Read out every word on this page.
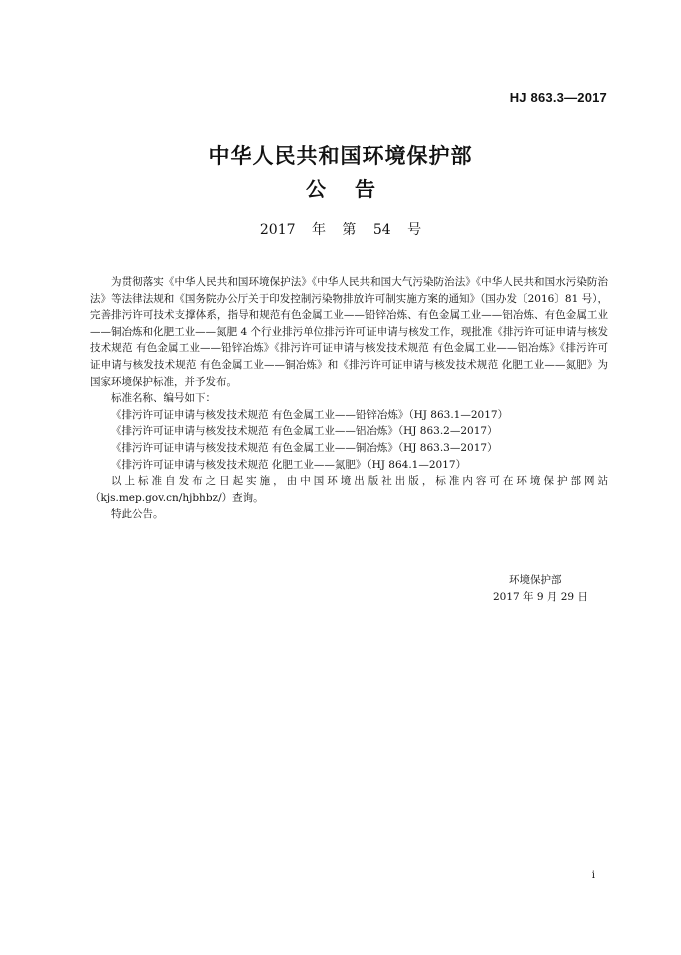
HJ 863.3—2017
中华人民共和国环境保护部
公 告
2017 年 第 54 号

为贯彻落实《中华人民共和国环境保护法》《中华人民共和国大气污染防治法》《中华人民共和国水污染防治法》等法律法规和《国务院办公厅关于印发控制污染物排放许可制实施方案的通知》（国办发〔2016〕81 号），完善排污许可技术支撑体系，指导和规范有色金属工业——铅锌冶炼、有色金属工业——铝冶炼、有色金属工业——铜冶炼和化肥工业——氮肥 4 个行业排污单位排污许可证申请与核发工作，现批准《排污许可证申请与核发技术规范 有色金属工业——铅锌冶炼》《排污许可证申请与核发技术规范 有色金属工业——铝冶炼》《排污许可证申请与核发技术规范 有色金属工业——铜冶炼》和《排污许可证申请与核发技术规范 化肥工业——氮肥》为国家环境保护标准，并予发布。

标准名称、编号如下：

《排污许可证申请与核发技术规范 有色金属工业——铅锌冶炼》（HJ 863.1—2017）

《排污许可证申请与核发技术规范 有色金属工业——铝冶炼》（HJ 863.2—2017）

《排污许可证申请与核发技术规范 有色金属工业——铜冶炼》（HJ 863.3—2017）

《排污许可证申请与核发技术规范 化肥工业——氮肥》（HJ 864.1—2017）

以上标准自发布之日起实施，由中国环境出版社出版，标准内容可在环境保护部网站（kjs.mep.gov.cn/hjbhbz/）查询。

特此公告。

环境保护部
2017 年 9 月 29 日
i
